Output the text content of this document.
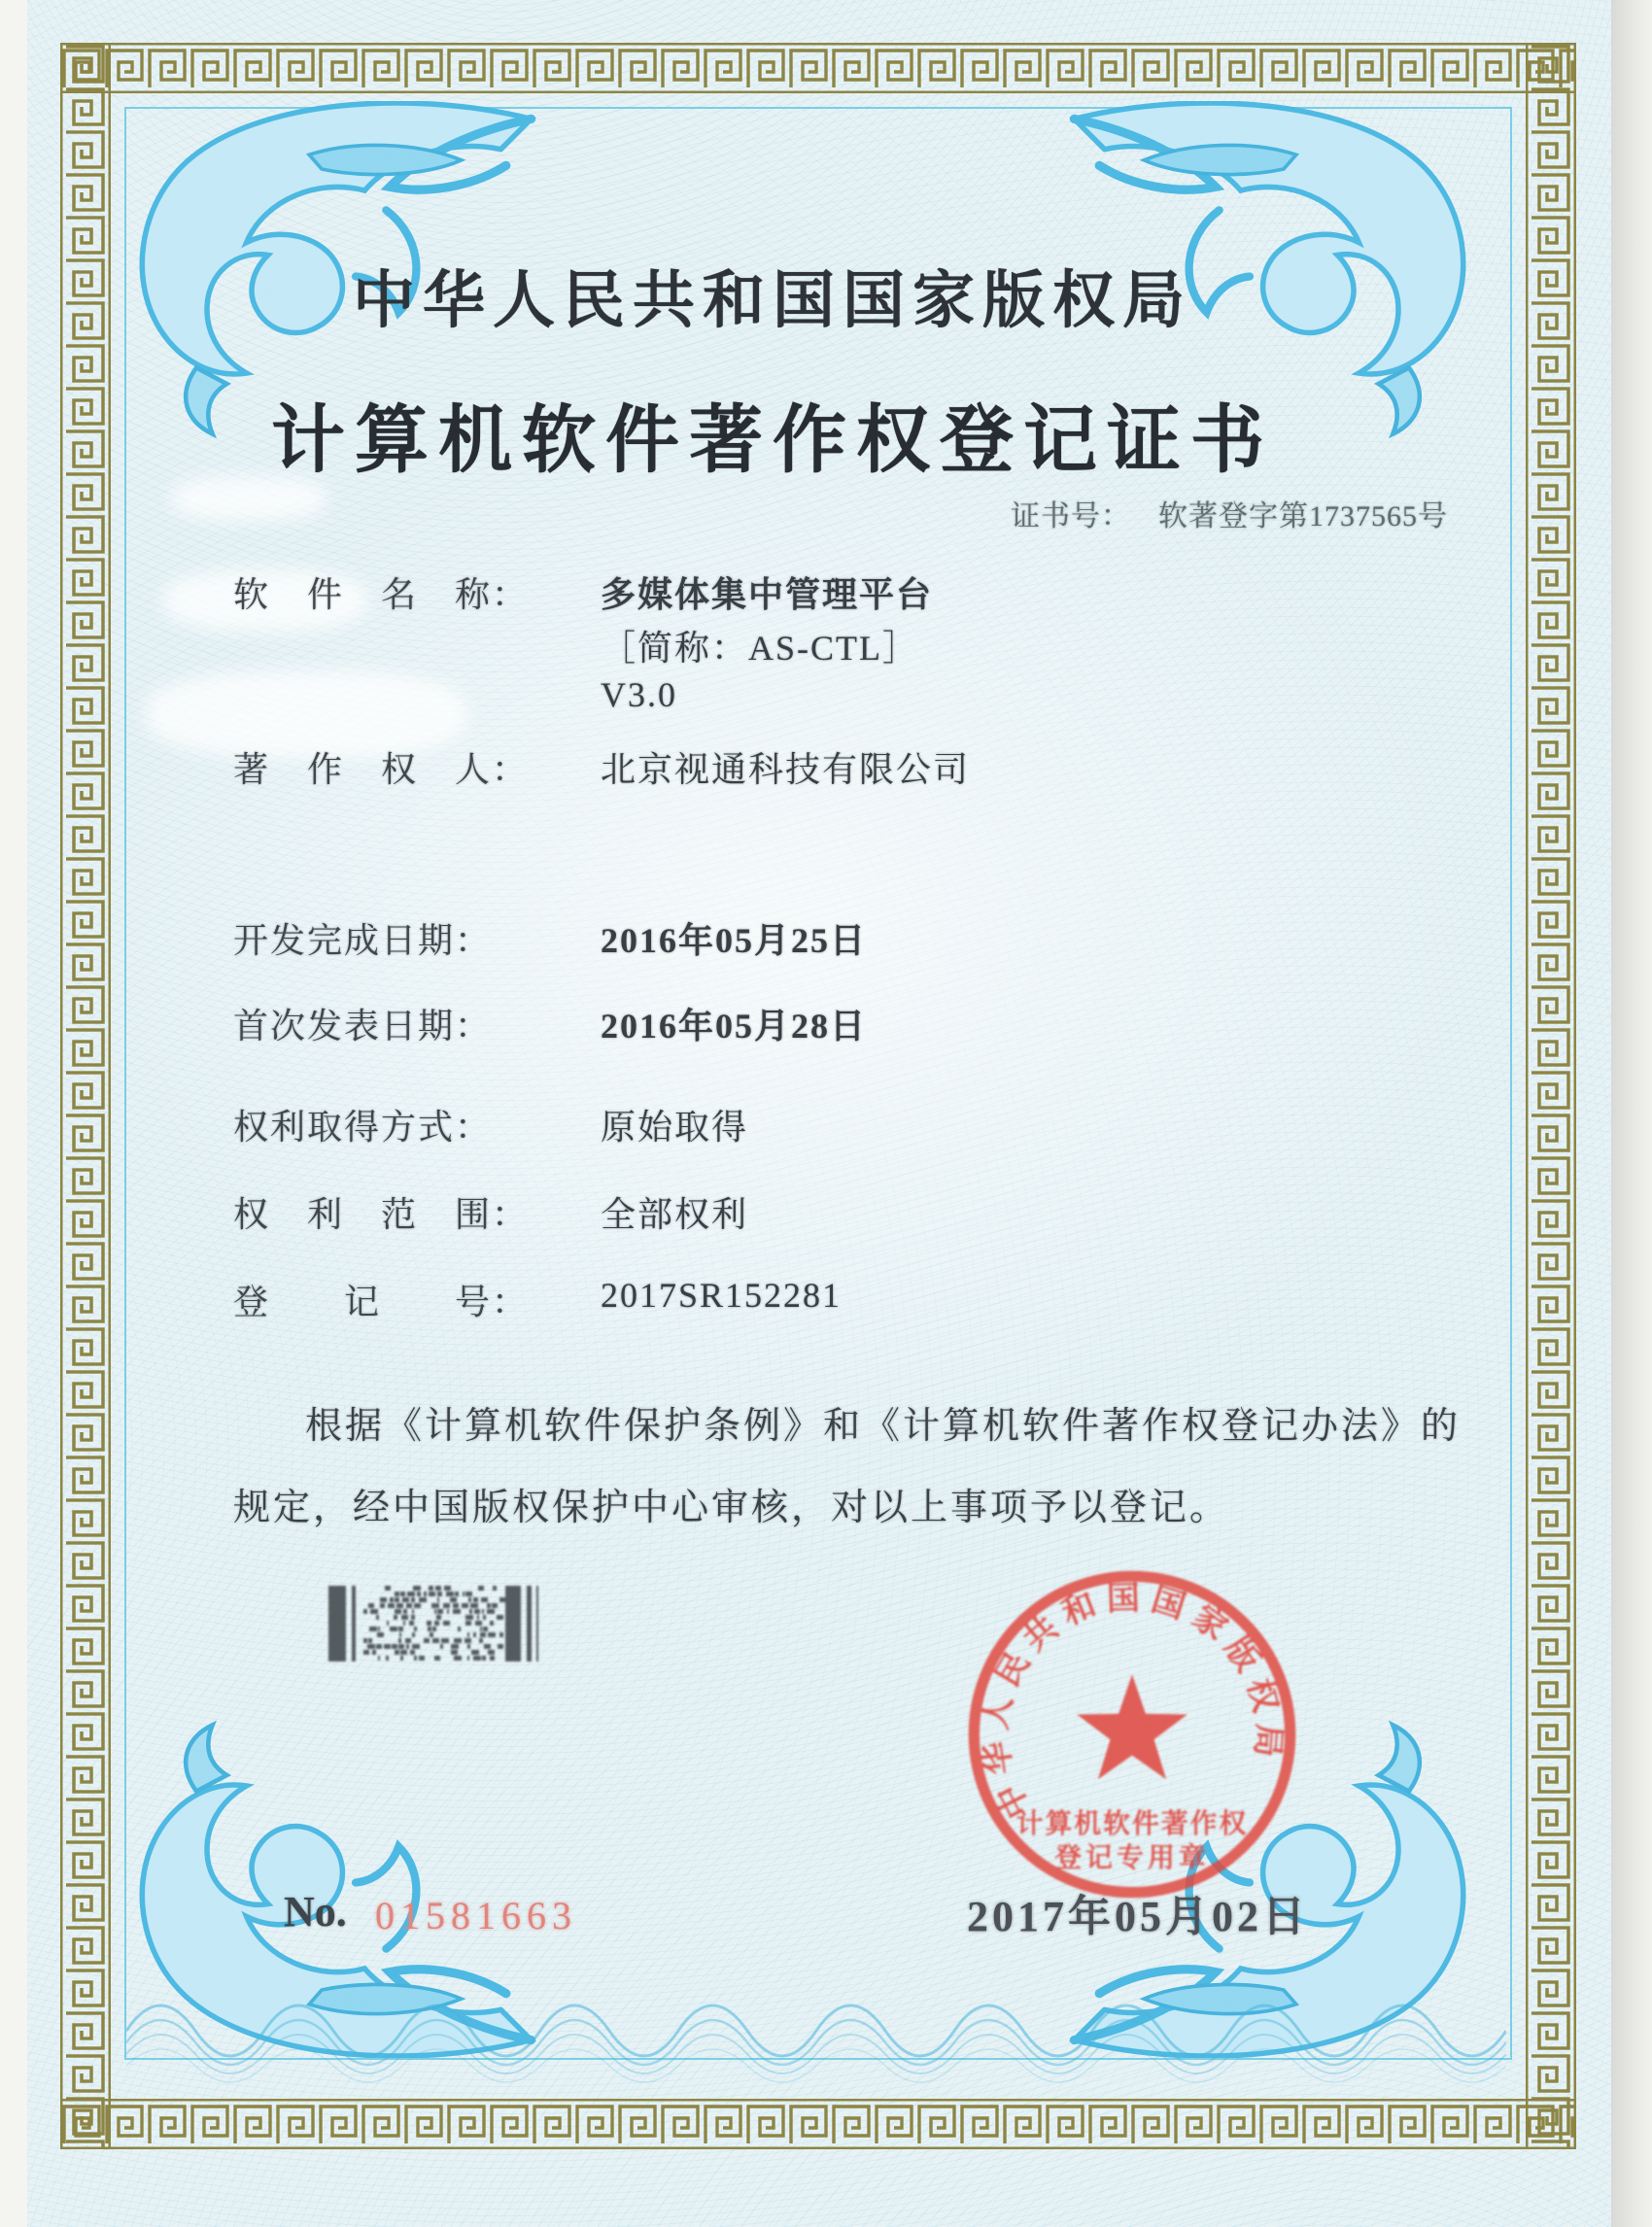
中华人民共和国国家版权局
计算机软件著作权登记证书
证书号： 软著登字第1737565号
软　件　名　称： 多媒体集中管理平台
［简称：AS-CTL］
V3.0
著　作　权　人： 北京视通科技有限公司
开发完成日期：	2016年05月25日
首次发表日期：	2016年05月28日
权利取得方式：	原始取得
权　利　范　围： 全部权利
登　　记　　号： 2017SR152281
根据《计算机软件保护条例》和《计算机软件著作权登记办法》的
规定，经中国版权保护中心审核，对以上事项予以登记。
中华人民共和国国家版权局
计算机软件著作权
登记专用章
2017年05月02日
No. 01581663
